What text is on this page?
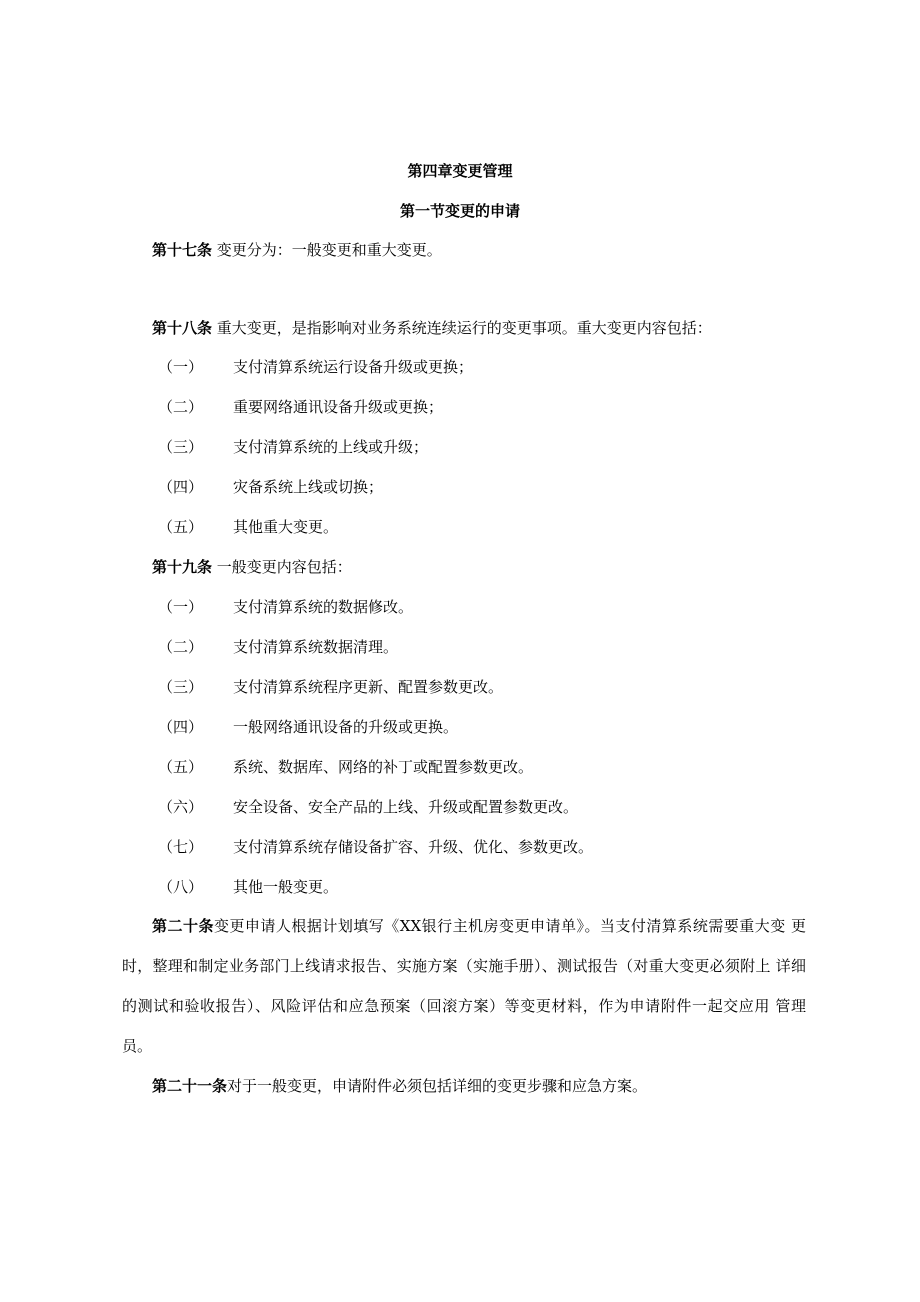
第四章变更管理
第一节变更的申请
第十七条 变更分为：一般变更和重大变更。
第十八条 重大变更，是指影响对业务系统连续运行的变更事项。重大变更内容包括：
（一） 支付清算系统运行设备升级或更换；
（二） 重要网络通讯设备升级或更换；
（三） 支付清算系统的上线或升级；
（四） 灾备系统上线或切换；
（五） 其他重大变更。
第十九条 一般变更内容包括：
（一） 支付清算系统的数据修改。
（二） 支付清算系统数据清理。
（三） 支付清算系统程序更新、配置参数更改。
（四） 一般网络通讯设备的升级或更换。
（五） 系统、数据库、网络的补丁或配置参数更改。
（六） 安全设备、安全产品的上线、升级或配置参数更改。
（七） 支付清算系统存储设备扩容、升级、优化、参数更改。
（八） 其他一般变更。
第二十条变更申请人根据计划填写《XX银行主机房变更申请单》。当支付清算系统需要重大变 更时，整理和制定业务部门上线请求报告、实施方案（实施手册）、测试报告（对重大变更必须附上 详细的测试和验收报告）、风险评估和应急预案（回滚方案）等变更材料，作为申请附件一起交应用 管理员。
第二十一条对于一般变更，申请附件必须包括详细的变更步骤和应急方案。
